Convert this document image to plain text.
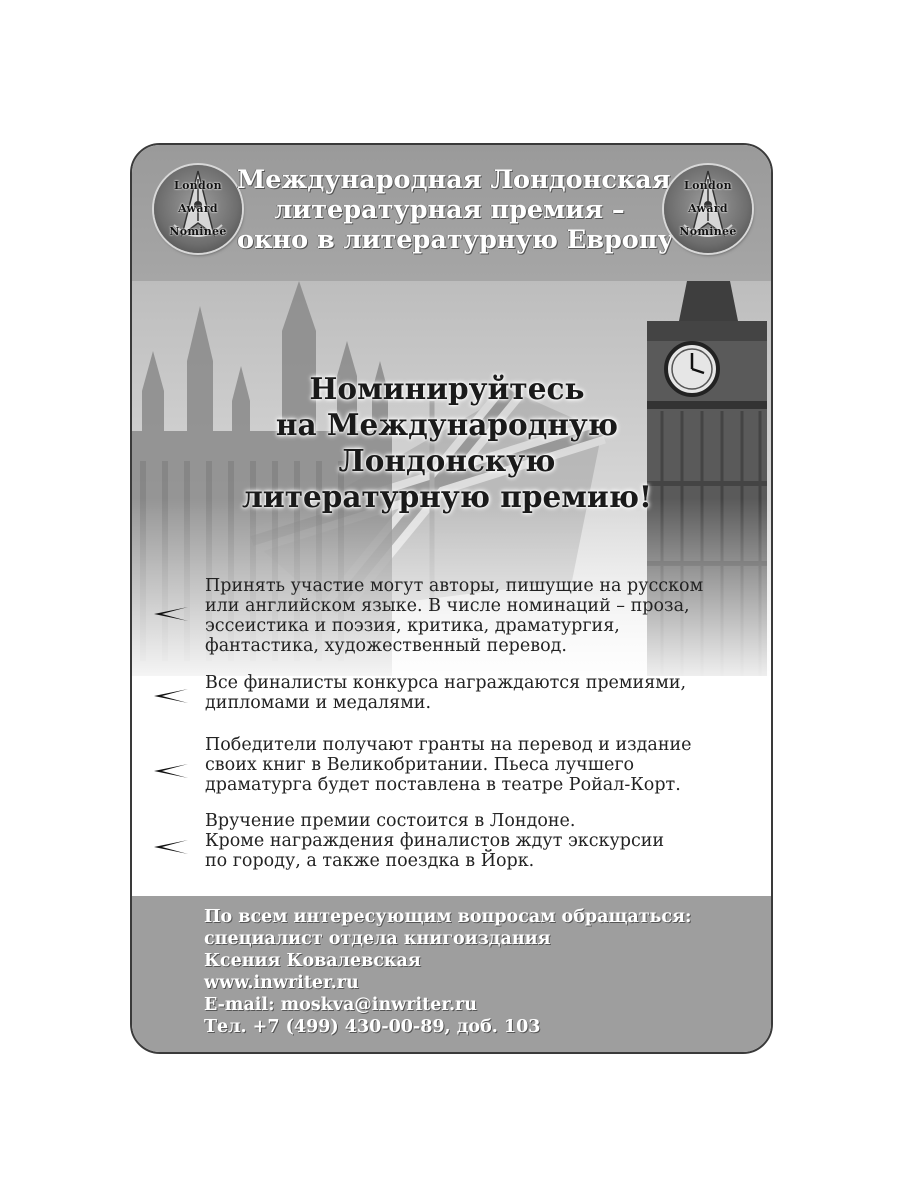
London
Award
Nominee
Международная Лондонская
литературная премия –
окно в литературную Европу
London
Award
Nominee
Номинируйтесь
на Международную
Лондонскую
литературную премию!
Принять участие могут авторы, пишущие на русском
или английском языке. В числе номинаций – проза,
эссеистика и поэзия, критика, драматургия,
фантастика, художественный перевод.
Все финалисты конкурса награждаются премиями,
дипломами и медалями.
Победители получают гранты на перевод и издание
своих книг в Великобритании. Пьеса лучшего
драматурга будет поставлена в театре Ройал-Корт.
Вручение премии состоится в Лондоне.
Кроме награждения финалистов ждут экскурсии
по городу, а также поездка в Йорк.
По всем интересующим вопросам обращаться:
специалист отдела книгоиздания
Ксения Ковалевская
www.inwriter.ru
E-mail: moskva@inwriter.ru
Тел. +7 (499) 430-00-89, доб. 103
